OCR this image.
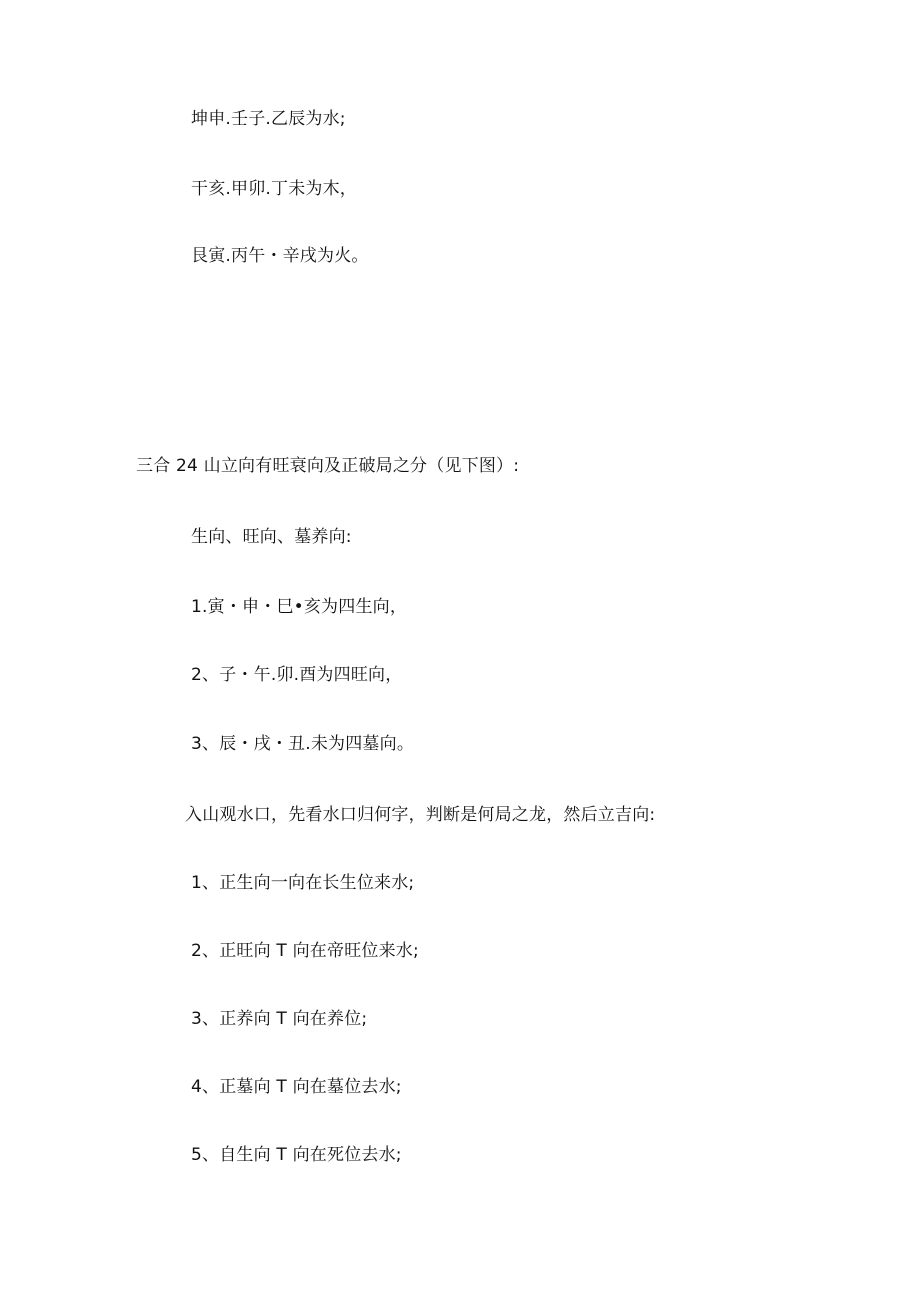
坤申.壬子.乙辰为水;
干亥.甲卯.丁未为木，
艮寅.丙午・辛戌为火。
三合 24 山立向有旺衰向及正破局之分（见下图）:
生向、旺向、墓养向:
1.寅・申・巳•亥为四生向，
2、子・午.卯.酉为四旺向，
3、辰・戌・丑.未为四墓向。
入山观水口，先看水口归何字，判断是何局之龙，然后立吉向:
1、正生向一向在长生位来水;
2、正旺向 T 向在帝旺位来水;
3、正养向 T 向在养位;
4、正墓向 T 向在墓位去水;
5、自生向 T 向在死位去水;
